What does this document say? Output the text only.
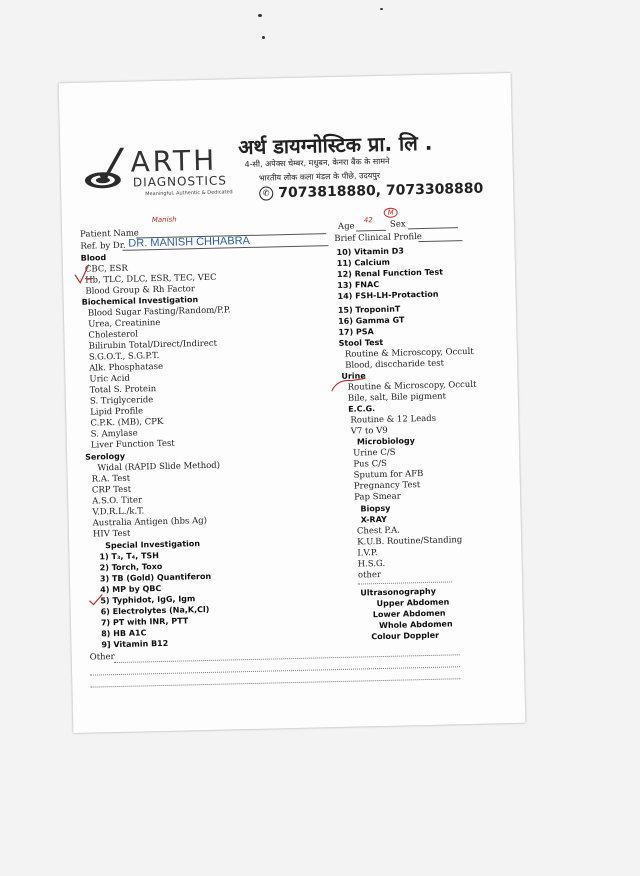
ARTH
DIAGNOSTICS
Meaningful, Authentic & Dedicated
अर्थ डायग्नोस्टिक प्रा. लि .
4-सी, अपेक्स चेम्बर, मधुबन, केनरा बैंक के सामने
भारतीय लोक कला मंडल के पीछे, उदयपुर
✆ 7073818880, 7073308880
Patient Name
Manish
Age
42 Sex
M
Ref. by Dr. DR. MANISH CHHABRA	Brief Clinical Profile
Blood
CBC, ESR
Hb, TLC, DLC, ESR, TEC, VEC
Blood Group & Rh Factor
Biochemical Investigation
Blood Sugar Fasting/Random/P.P.
Urea, Creatinine
Cholesterol
Bilirubin Total/Direct/Indirect
S.G.O.T., S.G.P.T.
Alk. Phosphatase
Uric Acid
Total S. Protein
S. Triglyceride
Lipid Profile
C.P.K. (MB), CPK
S. Amylase
Liver Function Test
Serology
Widal (RAPID Slide Method)
R.A. Test
CRP Test
A.S.O. Titer
V.D.R.L./k.T.
Australia Antigen (hbs Ag)
HIV Test
Special Investigation
1) T₃, T₄, TSH
2) Torch, Toxo
3) TB (Gold) Quantiferon
4) MP by QBC
5) Typhidot, IgG, Igm
6) Electrolytes (Na,K,Cl)
7) PT with INR, PTT
8) HB A1C
9] Vitamin B12
Other
10) Vitamin D3
11) Calcium
12) Renal Function Test
13) FNAC
14) FSH-LH-Protaction
15) TroponinT
16) Gamma GT
17) PSA
Stool Test
Routine & Microscopy, Occult
Blood, discchari​de test
Urine
Routine & Microscopy, Occult
Bile, salt, Bile pigment
E.C.G.
Routine & 12 Leads
V7 to V9
Microbiology
Urine C/S
Pus C/S
Sputum for AFB
Pregnancy Test
Pap Smear
Biopsy
X-RAY
Chest P.A.
K.U.B. Routine/Standing
I.V.P.
H.S.G.
other
Ultrasonography
Upper Abdomen
Lower Abdomen
Whole Abdomen
Colour Doppler
